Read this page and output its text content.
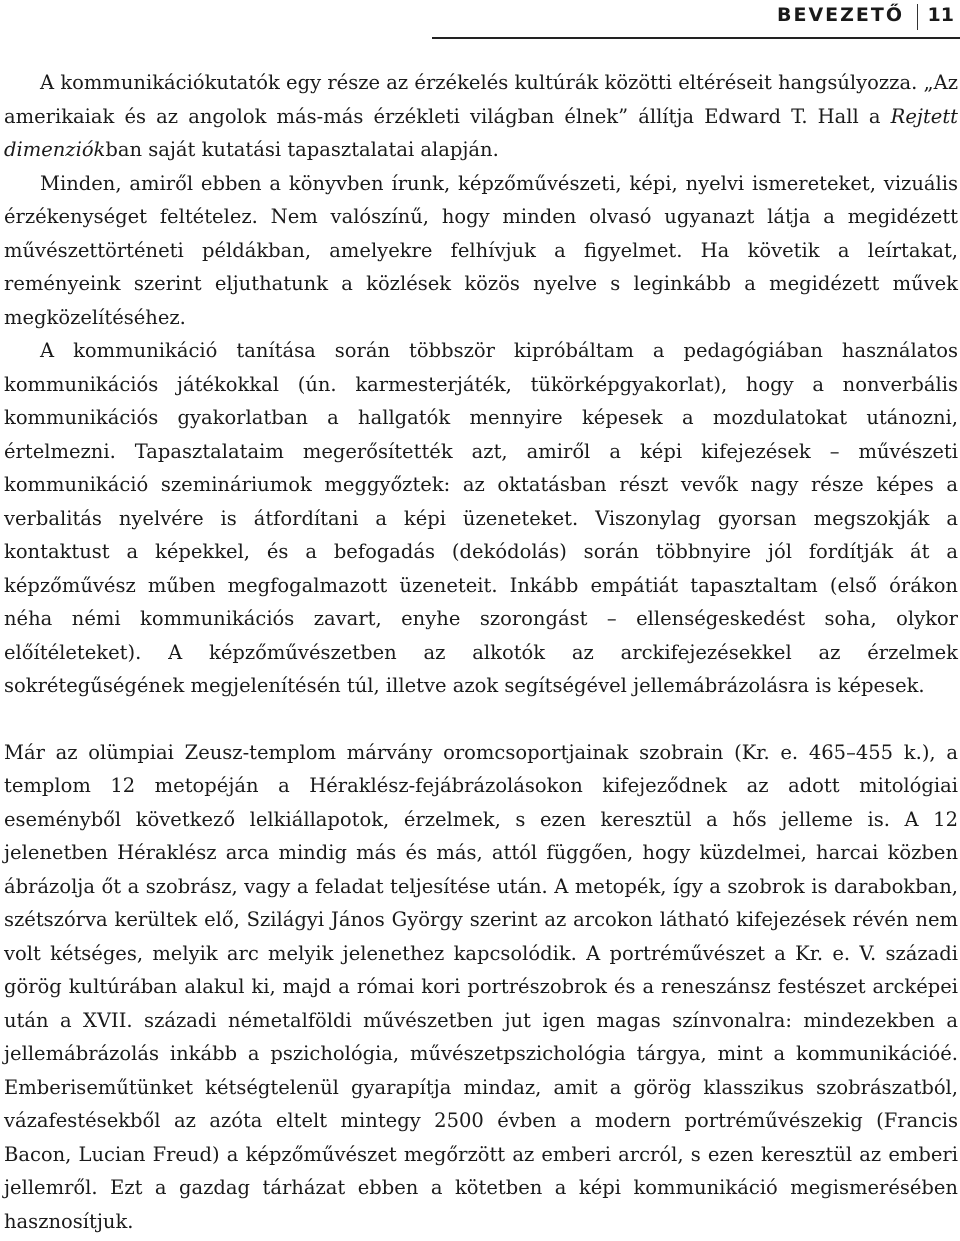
BEVEZETŐ 11

A kommunikációkutatók egy része az érzékelés kultúrák közötti eltéréseit hangsúlyozza. „Az amerikaiak és az angolok más-más érzékleti világban élnek” állítja Edward T. Hall a Rejtett dimenziókban saját kutatási tapasztalatai alapján.
Minden, amiről ebben a könyvben írunk, képzőművészeti, képi, nyelvi ismereteket, vizuális érzékenységet feltételez. Nem valószínű, hogy minden olvasó ugyanazt látja a megidézett művészettörténeti példákban, amelyekre felhívjuk a figyelmet. Ha követik a leírtakat, reményeink szerint eljuthatunk a közlések közös nyelve s leginkább a megidézett művek megközelítéséhez.
A kommunikáció tanítása során többször kipróbáltam a pedagógiában használatos kommunikációs játékokkal (ún. karmesterjáték, tükörképgyakorlat), hogy a nonverbális kommunikációs gyakorlatban a hallgatók mennyire képesek a mozdulatokat utánozni, értelmezni. Tapasztalataim megerősítették azt, amiről a képi kifejezések – művészeti kommunikáció szemináriumok meggyőztek: az oktatásban részt vevők nagy része képes a verbalitás nyelvére is átfordítani a képi üzeneteket. Viszonylag gyorsan megszokják a kontaktust a képekkel, és a befogadás (dekódolás) során többnyire jól fordítják át a képzőművész műben megfogalmazott üzeneteit. Inkább empátiát tapasztaltam (első órákon néha némi kommunikációs zavart, enyhe szorongást – ellenségeskedést soha, olykor előítéleteket). A képzőművészetben az alkotók az arckifejezésekkel az érzelmek sokrétegűségének megjelenítésén túl, illetve azok segítségével jellemábrázolásra is képesek.

Már az olümpiai Zeusz-templom márvány oromcsoportjainak szobrain (Kr. e. 465–455 k.), a templom 12 metopéján a Héraklész-fejábrázolásokon kifejeződnek az adott mitológiai eseményből következő lelkiállapotok, érzelmek, s ezen keresztül a hős jelleme is. A 12 jelenetben Héraklész arca mindig más és más, attól függően, hogy küzdelmei, harcai közben ábrázolja őt a szobrász, vagy a feladat teljesítése után. A metopék, így a szobrok is darabokban, szétszórva kerültek elő, Szilágyi János György szerint az arcokon látható kifejezések révén nem volt kétséges, melyik arc melyik jelenethez kapcsolódik. A portréművészet a Kr. e. V. századi görög kultúrában alakul ki, majd a római kori portrészobrok és a reneszánsz festészet arcképei után a XVII. századi németalföldi művészetben jut igen magas színvonalra: mindezekben a jellemábrázolás inkább a pszichológia, művészetpszichológia tárgya, mint a kommunikációé. Emberiseműtünket kétségtelenül gyarapítja mindaz, amit a görög klasszikus szobrászatból, vázafestésekből az azóta eltelt mintegy 2500 évben a modern portréművészekig (Francis Bacon, Lucian Freud) a képzőművészet megőrzött az emberi arcról, s ezen keresztül az emberi jellemről. Ezt a gazdag tárházat ebben a kötetben a képi kommunikáció megismerésében hasznosítjuk.
